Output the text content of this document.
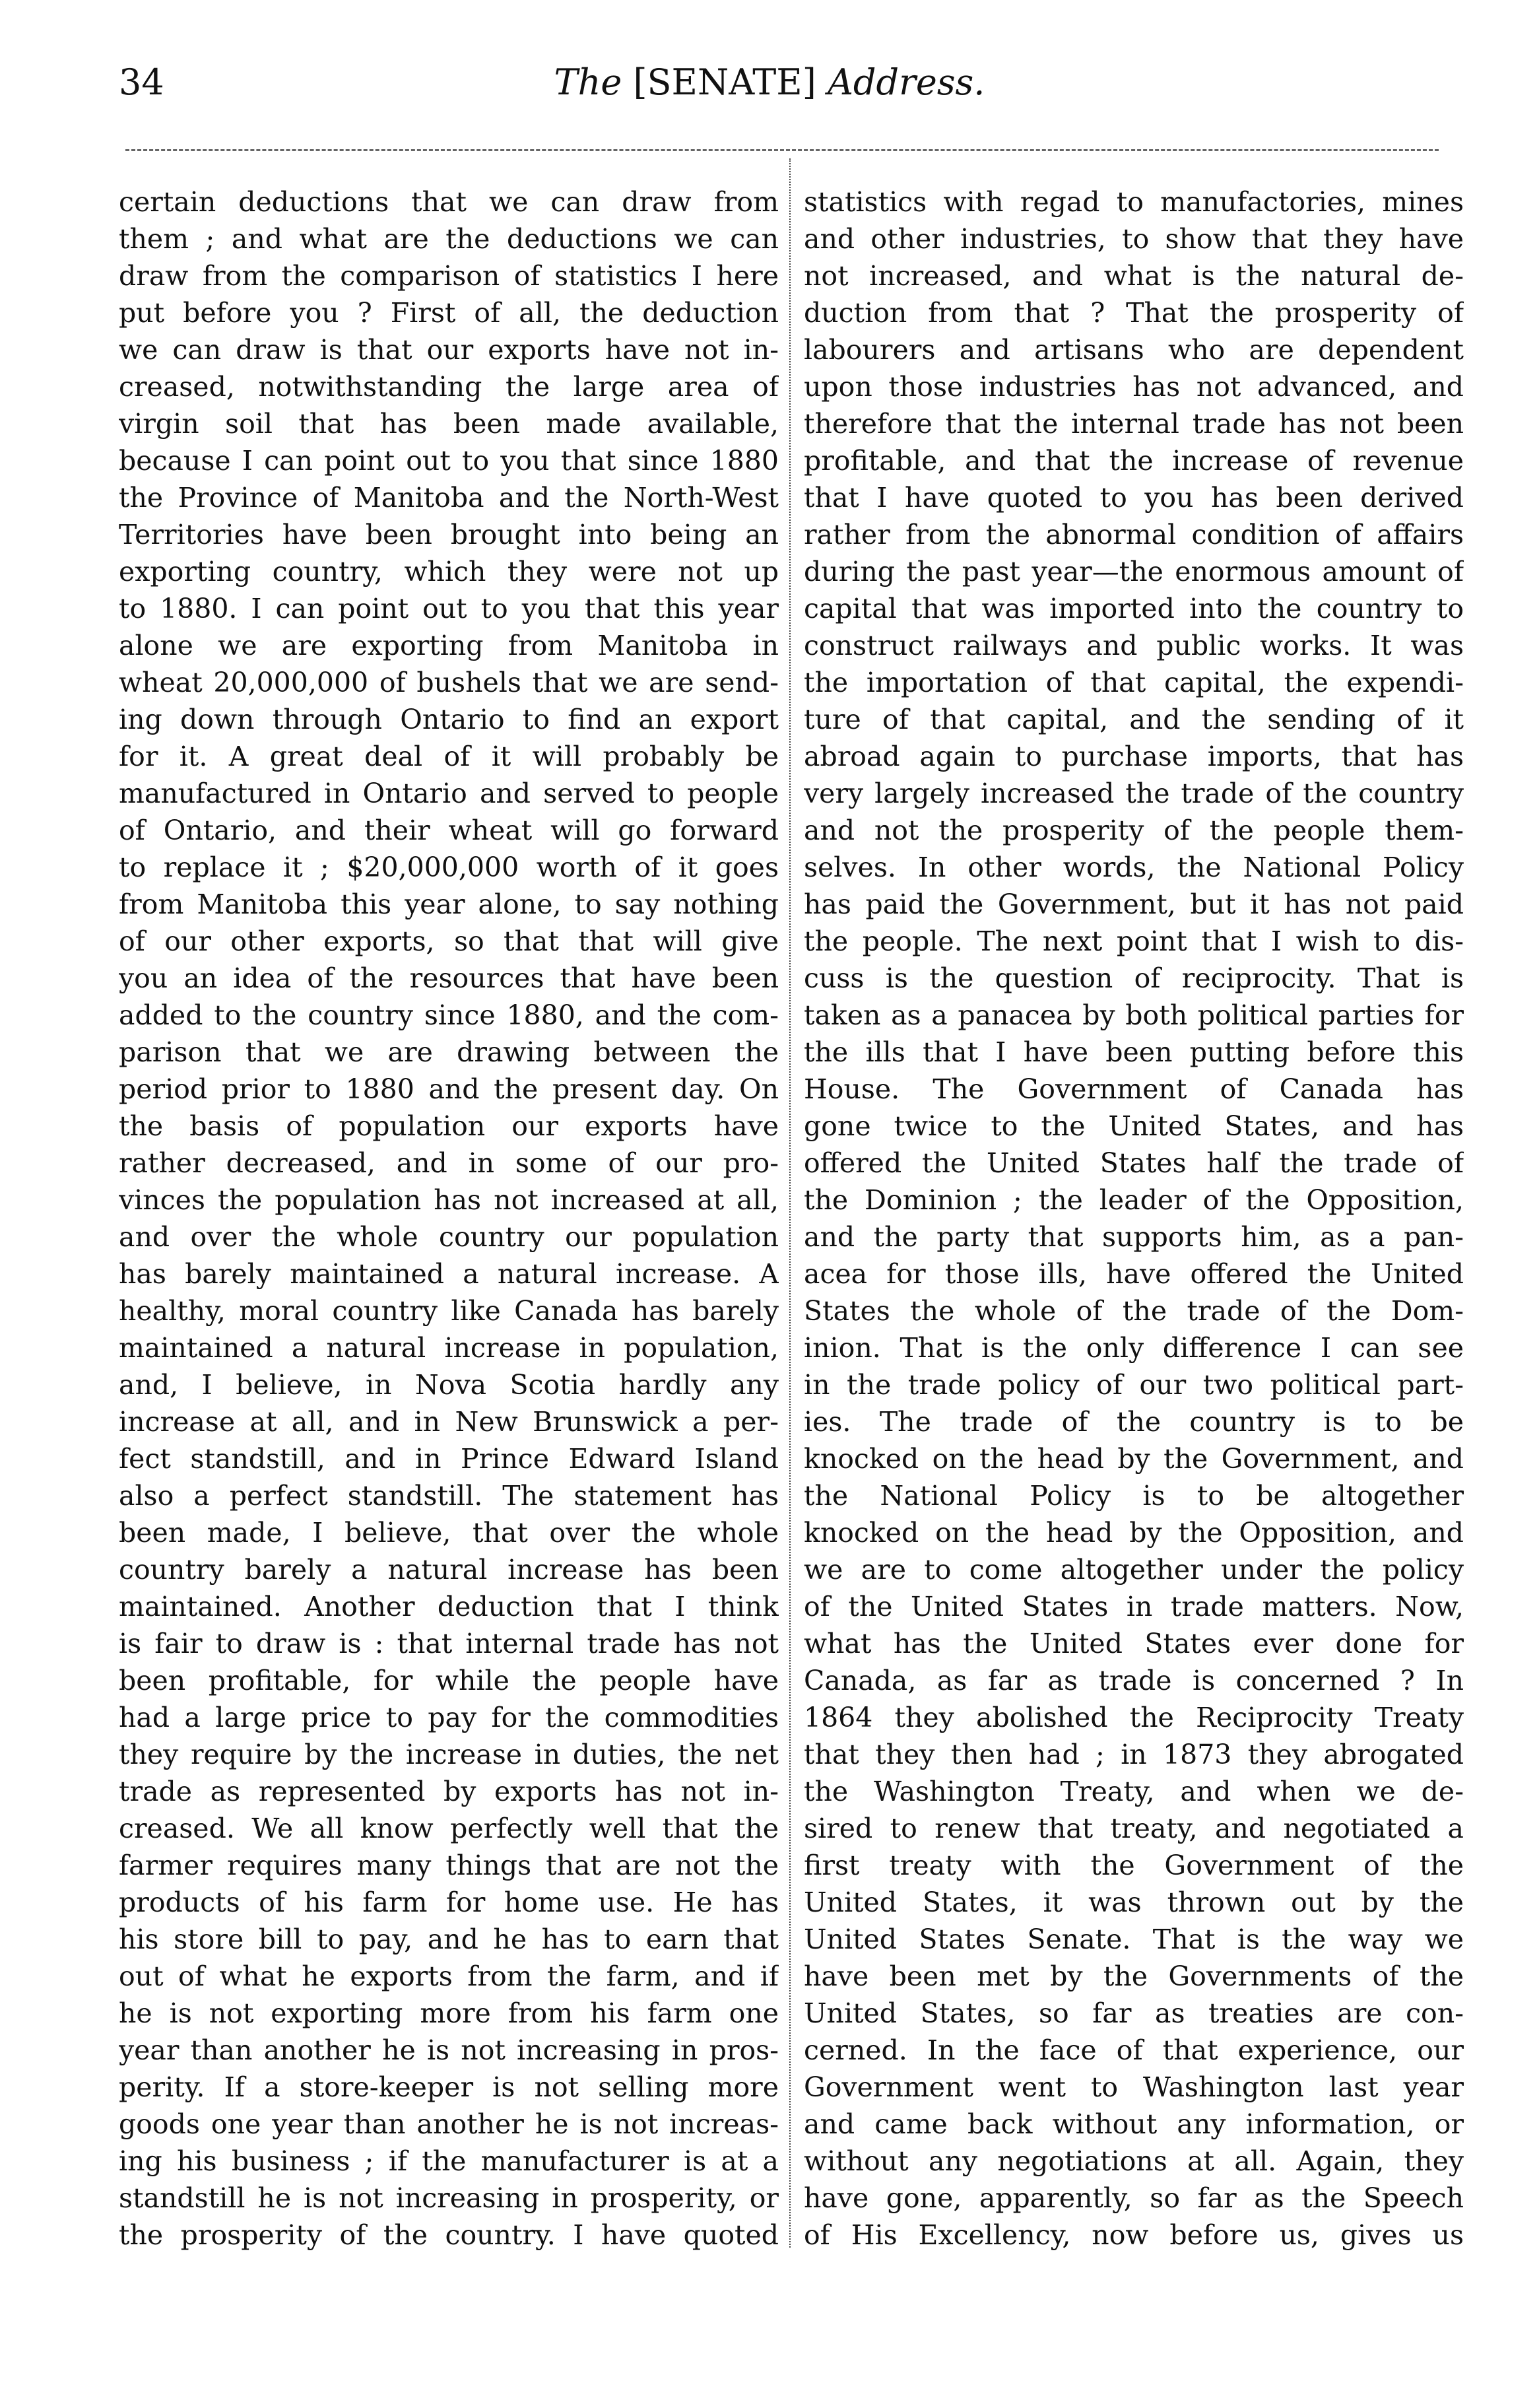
34	The [SENATE] Address.
certain deductions that we can draw from
them ; and what are the deductions we can
draw from the comparison of statistics I here
put before you ? First of all, the deduction
we can draw is that our exports have not in-
creased, notwithstanding the large area of
virgin soil that has been made available,
because I can point out to you that since 1880
the Province of Manitoba and the North-West
Territories have been brought into being an
exporting country, which they were not up
to 1880. I can point out to you that this year
alone we are exporting from Manitoba in
wheat 20,000,000 of bushels that we are send-
ing down through Ontario to find an export
for it. A great deal of it will probably be
manufactured in Ontario and served to people
of Ontario, and their wheat will go forward
to replace it ; $20,000,000 worth of it goes
from Manitoba this year alone, to say nothing
of our other exports, so that that will give
you an idea of the resources that have been
added to the country since 1880, and the com-
parison that we are drawing between the
period prior to 1880 and the present day. On
the basis of population our exports have
rather decreased, and in some of our pro-
vinces the population has not increased at all,
and over the whole country our population
has barely maintained a natural increase. A
healthy, moral country like Canada has barely
maintained a natural increase in population,
and, I believe, in Nova Scotia hardly any
increase at all, and in New Brunswick a per-
fect standstill, and in Prince Edward Island
also a perfect standstill. The statement has
been made, I believe, that over the whole
country barely a natural increase has been
maintained. Another deduction that I think
is fair to draw is : that internal trade has not
been profitable, for while the people have
had a large price to pay for the commodities
they require by the increase in duties, the net
trade as represented by exports has not in-
creased. We all know perfectly well that the
farmer requires many things that are not the
products of his farm for home use. He has
his store bill to pay, and he has to earn that
out of what he exports from the farm, and if
he is not exporting more from his farm one
year than another he is not increasing in pros-
perity. If a store-keeper is not selling more
goods one year than another he is not increas-
ing his business ; if the manufacturer is at a
standstill he is not increasing in prosperity, or
the prosperity of the country. I have quoted
statistics with regad to manufactories, mines
and other industries, to show that they have
not increased, and what is the natural de-
duction from that ? That the prosperity of
labourers and artisans who are dependent
upon those industries has not advanced, and
therefore that the internal trade has not been
profitable, and that the increase of revenue
that I have quoted to you has been derived
rather from the abnormal condition of affairs
during the past year—the enormous amount of
capital that was imported into the country to
construct railways and public works. It was
the importation of that capital, the expendi-
ture of that capital, and the sending of it
abroad again to purchase imports, that has
very largely increased the trade of the country
and not the prosperity of the people them-
selves. In other words, the National Policy
has paid the Government, but it has not paid
the people. The next point that I wish to dis-
cuss is the question of reciprocity. That is
taken as a panacea by both political parties for
the ills that I have been putting before this
House. The Government of Canada has
gone twice to the United States, and has
offered the United States half the trade of
the Dominion ; the leader of the Opposition,
and the party that supports him, as a pan-
acea for those ills, have offered the United
States the whole of the trade of the Dom-
inion. That is the only difference I can see
in the trade policy of our two political part-
ies. The trade of the country is to be
knocked on the head by the Government, and
the National Policy is to be altogether
knocked on the head by the Opposition, and
we are to come altogether under the policy
of the United States in trade matters. Now,
what has the United States ever done for
Canada, as far as trade is concerned ? In
1864 they abolished the Reciprocity Treaty
that they then had ; in 1873 they abrogated
the Washington Treaty, and when we de-
sired to renew that treaty, and negotiated a
first treaty with the Government of the
United States, it was thrown out by the
United States Senate. That is the way we
have been met by the Governments of the
United States, so far as treaties are con-
cerned. In the face of that experience, our
Government went to Washington last year
and came back without any information, or
without any negotiations at all. Again, they
have gone, apparently, so far as the Speech
of His Excellency, now before us, gives us
